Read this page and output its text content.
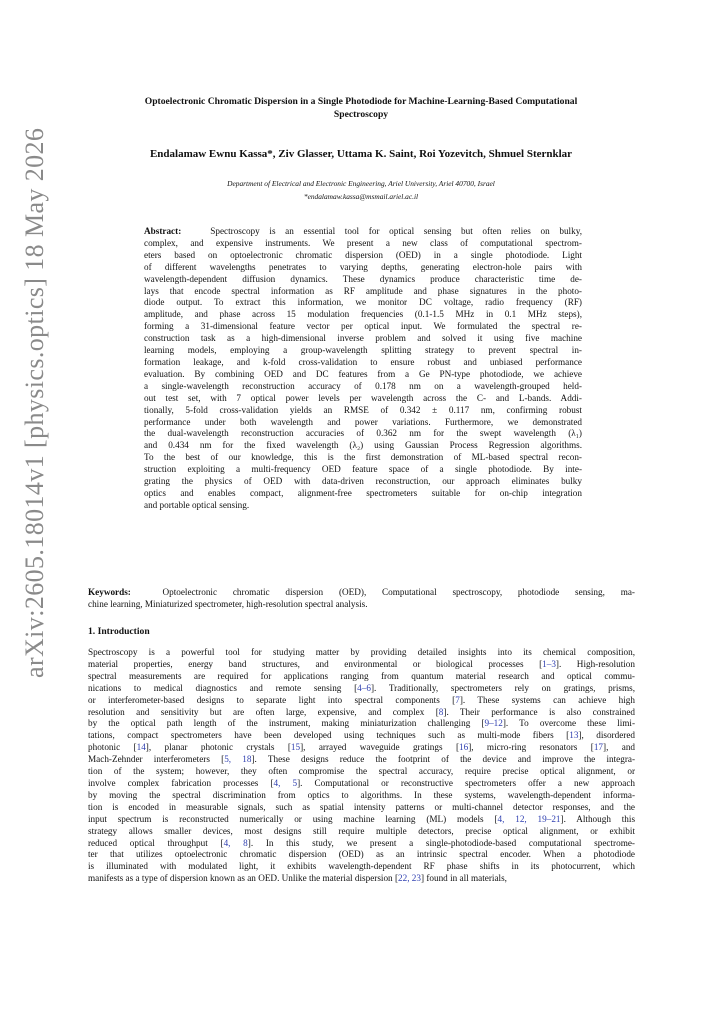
arXiv:2605.18014v1 [physics.optics] 18 May 2026
Optoelectronic Chromatic Dispersion in a Single Photodiode for Machine-Learning-Based Computational Spectroscopy
Endalamaw Ewnu Kassa*, Ziv Glasser, Uttama K. Saint, Roi Yozevitch, Shmuel Sternklar
Department of Electrical and Electronic Engineering, Ariel University, Ariel 40700, Israel
*endalamaw.kassa@msmail.ariel.ac.il
Abstract:	Spectroscopy is an essential tool for optical sensing but often relies on bulky,
complex, and expensive instruments. We present a new class of computational spectrom-
eters based on optoelectronic chromatic dispersion (OED) in a single photodiode. Light
of different wavelengths penetrates to varying depths, generating electron-hole pairs with
wavelength-dependent diffusion dynamics. These dynamics produce characteristic time de-
lays that encode spectral information as RF amplitude and phase signatures in the photo-
diode output. To extract this information, we monitor DC voltage, radio frequency (RF)
amplitude, and phase across 15 modulation frequencies (0.1-1.5 MHz in 0.1 MHz steps),
forming a 31-dimensional feature vector per optical input. We formulated the spectral re-
construction task as a high-dimensional inverse problem and solved it using five machine
learning models, employing a group-wavelength splitting strategy to prevent spectral in-
formation leakage, and k-fold cross-validation to ensure robust and unbiased performance
evaluation. By combining OED and DC features from a Ge PN-type photodiode, we achieve
a single-wavelength reconstruction accuracy of 0.178 nm on a wavelength-grouped held-
out test set, with 7 optical power levels per wavelength across the C- and L-bands. Addi-
tionally, 5-fold cross-validation yields an RMSE of 0.342 ± 0.117 nm, confirming robust
performance under both wavelength and power variations. Furthermore, we demonstrated
the dual-wavelength reconstruction accuracies of 0.362 nm for the swept wavelength (λ₁)
and 0.434 nm for the fixed wavelength (λ₂) using Gaussian Process Regression algorithms.
To the best of our knowledge, this is the first demonstration of ML-based spectral recon-
struction exploiting a multi-frequency OED feature space of a single photodiode. By inte-
grating the physics of OED with data-driven reconstruction, our approach eliminates bulky
optics and enables compact, alignment-free spectrometers suitable for on-chip integration
and portable optical sensing.
Keywords:	Optoelectronic chromatic dispersion (OED), Computational spectroscopy, photodiode sensing, ma-
chine learning, Miniaturized spectrometer, high-resolution spectral analysis.
1. Introduction
Spectroscopy is a powerful tool for studying matter by providing detailed insights into its chemical composition,
material properties, energy band structures, and environmental or biological processes [1–3]. High-resolution
spectral measurements are required for applications ranging from quantum material research and optical commu-
nications to medical diagnostics and remote sensing [4–6]. Traditionally, spectrometers rely on gratings, prisms,
or interferometer-based designs to separate light into spectral components [7]. These systems can achieve high
resolution and sensitivity but are often large, expensive, and complex [8]. Their performance is also constrained
by the optical path length of the instrument, making miniaturization challenging [9–12]. To overcome these limi-
tations, compact spectrometers have been developed using techniques such as multi-mode fibers [13], disordered
photonic [14], planar photonic crystals [15], arrayed waveguide gratings [16], micro-ring resonators [17], and
Mach-Zehnder interferometers [5, 18]. These designs reduce the footprint of the device and improve the integra-
tion of the system; however, they often compromise the spectral accuracy, require precise optical alignment, or
involve complex fabrication processes [4, 5]. Computational or reconstructive spectrometers offer a new approach
by moving the spectral discrimination from optics to algorithms. In these systems, wavelength-dependent informa-
tion is encoded in measurable signals, such as spatial intensity patterns or multi-channel detector responses, and the
input spectrum is reconstructed numerically or using machine learning (ML) models [4, 12, 19–21]. Although this
strategy allows smaller devices, most designs still require multiple detectors, precise optical alignment, or exhibit
reduced optical throughput [4, 8]. In this study, we present a single-photodiode-based computational spectrome-
ter that utilizes optoelectronic chromatic dispersion (OED) as an intrinsic spectral encoder. When a photodiode
is illuminated with modulated light, it exhibits wavelength-dependent RF phase shifts in its photocurrent, which
manifests as a type of dispersion known as an OED. Unlike the material dispersion [22, 23] found in all materials,
